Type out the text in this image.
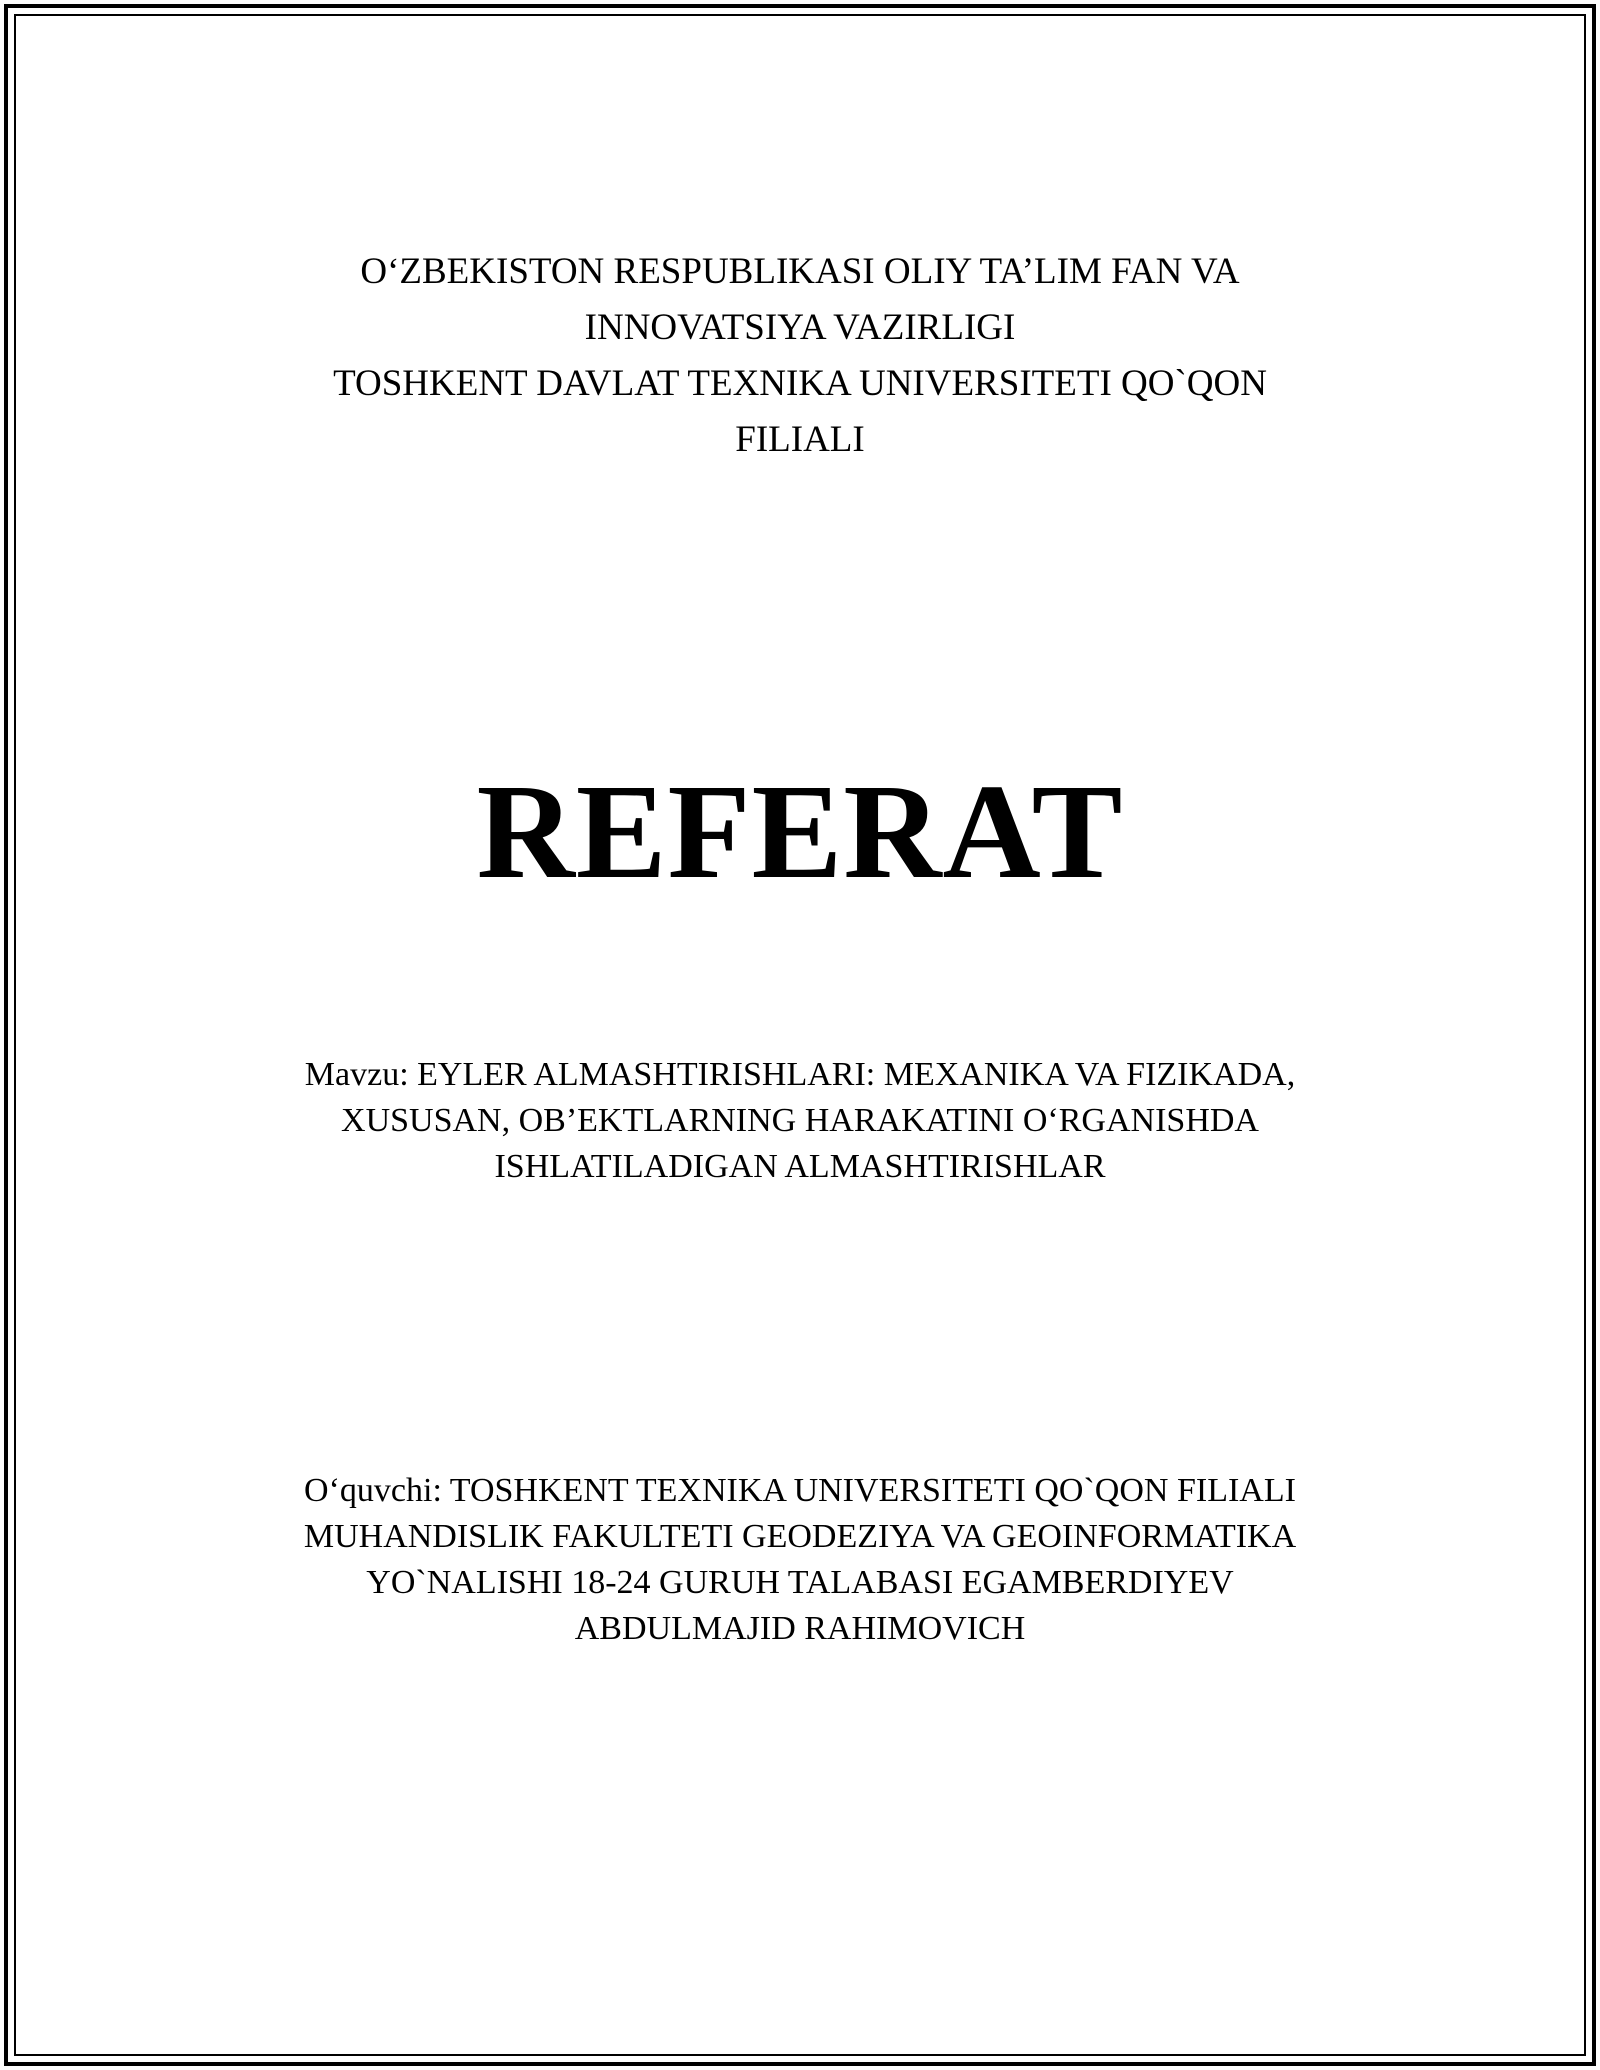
O‘ZBEKISTON RESPUBLIKASI OLIY TA’LIM FAN VA
INNOVATSIYA VAZIRLIGI
TOSHKENT DAVLAT TEXNIKA UNIVERSITETI QO`QON
FILIALI
REFERAT
Mavzu: EYLER ALMASHTIRISHLARI: MEXANIKA VA FIZIKADA,
XUSUSAN, OB’EKTLARNING HARAKATINI O‘RGANISHDA
ISHLATILADIGAN ALMASHTIRISHLAR
O‘quvchi: TOSHKENT TEXNIKA UNIVERSITETI QO`QON FILIALI
MUHANDISLIK FAKULTETI GEODEZIYA VA GEOINFORMATIKA
YO`NALISHI 18-24 GURUH TALABASI EGAMBERDIYEV
ABDULMAJID RAHIMOVICH
